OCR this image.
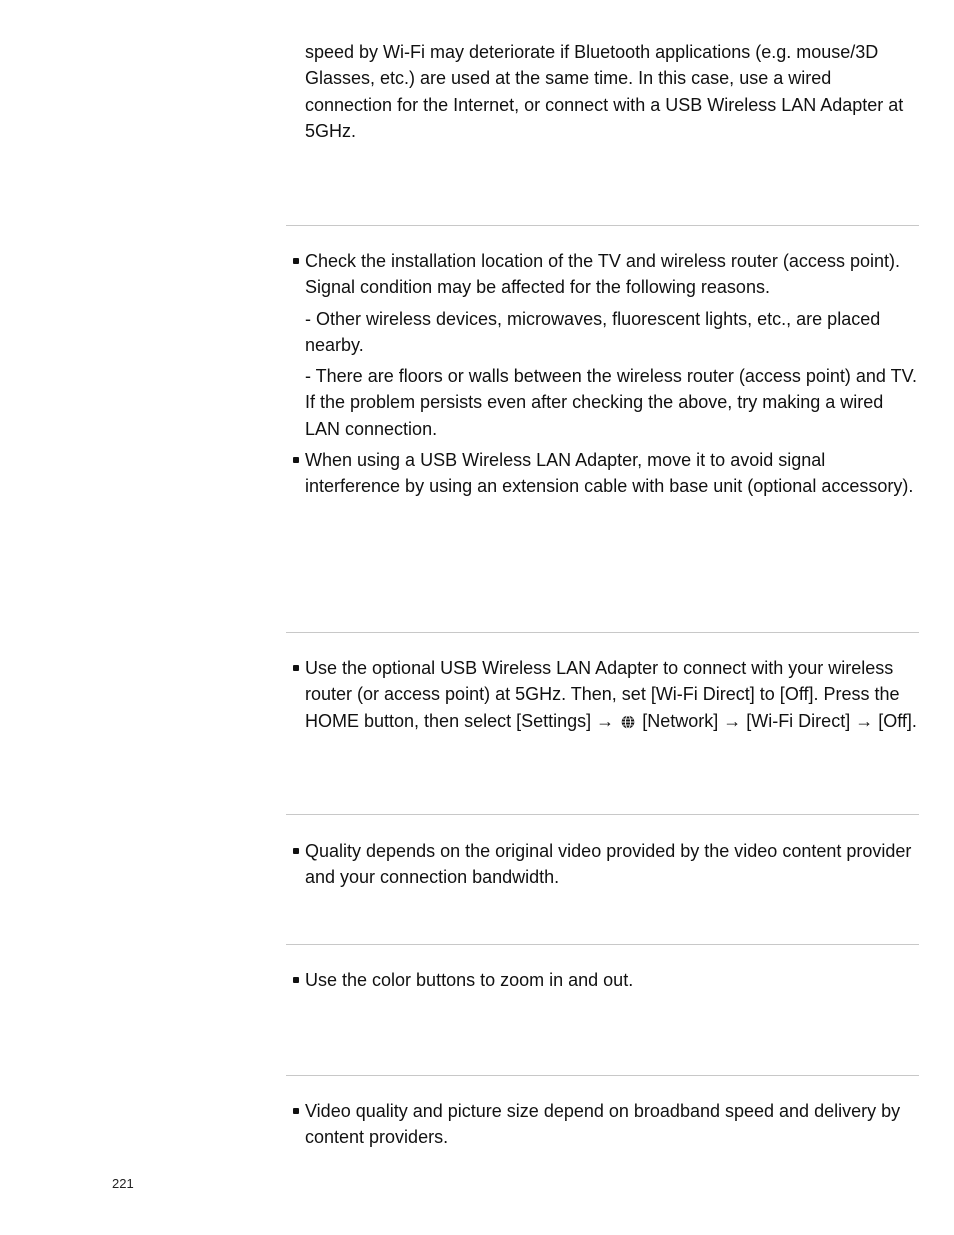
speed by Wi-Fi may deteriorate if Bluetooth applications (e.g. mouse/3D Glasses, etc.) are used at the same time. In this case, use a wired connection for the Internet, or connect with a USB Wireless LAN Adapter at 5GHz.

Check the installation location of the TV and wireless router (access point). Signal condition may be affected for the following reasons.

- Other wireless devices, microwaves, fluorescent lights, etc., are placed nearby.

- There are floors or walls between the wireless router (access point) and TV.

If the problem persists even after checking the above, try making a wired LAN connection.

When using a USB Wireless LAN Adapter, move it to avoid signal interference by using an extension cable with base unit (optional accessory).

Use the optional USB Wireless LAN Adapter to connect with your wireless router (or access point) at 5GHz. Then, set [Wi-Fi Direct] to [Off]. Press the HOME button, then select [Settings] → [Network] → [Wi-Fi Direct] → [Off].

Quality depends on the original video provided by the video content provider and your connection bandwidth.

Use the color buttons to zoom in and out.

Video quality and picture size depend on broadband speed and delivery by content providers.

221
